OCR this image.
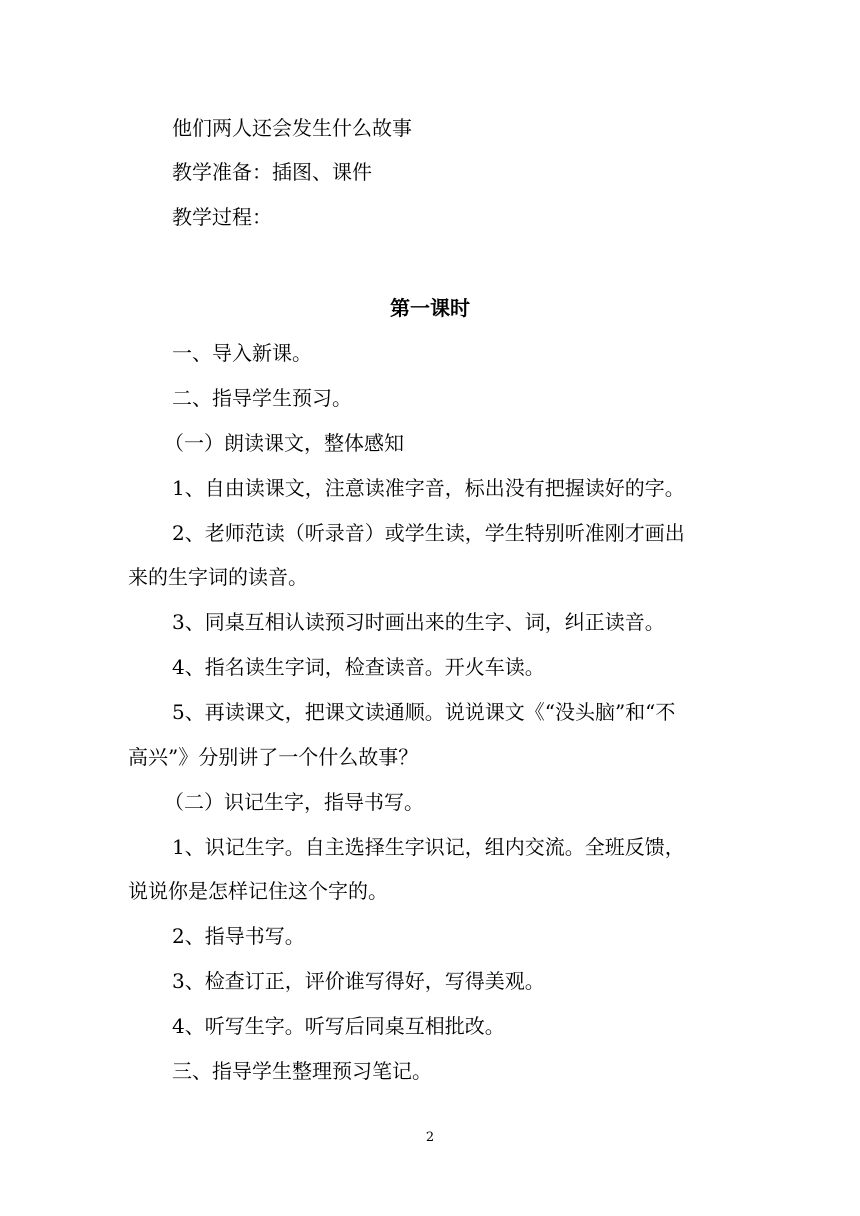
他们两人还会发生什么故事
教学准备：插图、课件
教学过程：
第一课时
一、导入新课。
二、指导学生预习。
（一）朗读课文，整体感知
1、自由读课文，注意读准字音，标出没有把握读好的字。
2、老师范读（听录音）或学生读，学生特别听准刚才画出
来的生字词的读音。
3、同桌互相认读预习时画出来的生字、词，纠正读音。
4、指名读生字词，检查读音。开火车读。
5、再读课文，把课文读通顺。说说课文《“没头脑”和“不
高兴”》分别讲了一个什么故事？
（二）识记生字，指导书写。
1、识记生字。自主选择生字识记，组内交流。全班反馈，
说说你是怎样记住这个字的。
2、指导书写。
3、检查订正，评价谁写得好，写得美观。
4、听写生字。听写后同桌互相批改。
三、指导学生整理预习笔记。
2
